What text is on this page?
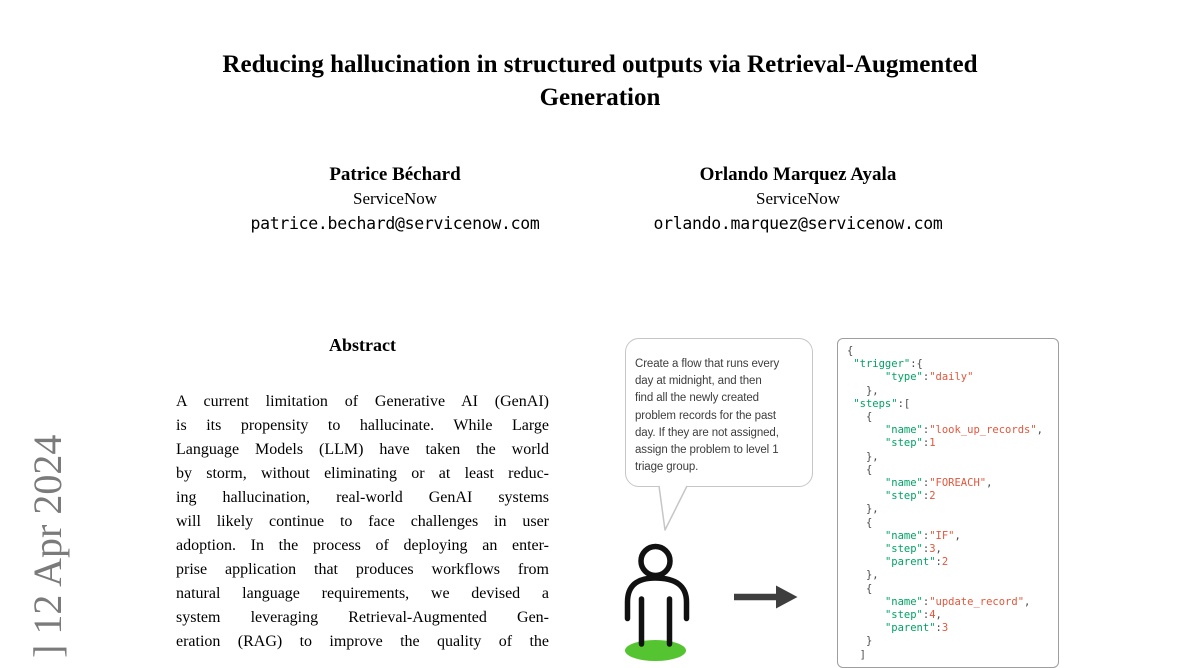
] 12 Apr 2024
Reducing hallucination in structured outputs via Retrieval-Augmented
Generation
Patrice Béchard
ServiceNow
patrice.bechard@servicenow.com
Orlando Marquez Ayala
ServiceNow
orlando.marquez@servicenow.com
Abstract
A current limitation of Generative AI (GenAI)
is its propensity to hallucinate. While Large
Language Models (LLM) have taken the world
by storm, without eliminating or at least reduc-
ing hallucination, real-world GenAI systems
will likely continue to face challenges in user
adoption. In the process of deploying an enter-
prise application that produces workflows from
natural language requirements, we devised a
system leveraging Retrieval-Augmented Gen-
eration (RAG) to improve the quality of the
Create a flow that runs every
day at midnight, and then
find all the newly created
problem records for the past
day. If they are not assigned,
assign the problem to level 1
triage group.
{
"trigger":{
"type":"daily"
},
"steps":[
{
"name":"look_up_records",
"step":1
},
{
"name":"FOREACH",
"step":2
},
{
"name":"IF",
"step":3,
"parent":2
},
{
"name":"update_record",
"step":4,
"parent":3
}
]
